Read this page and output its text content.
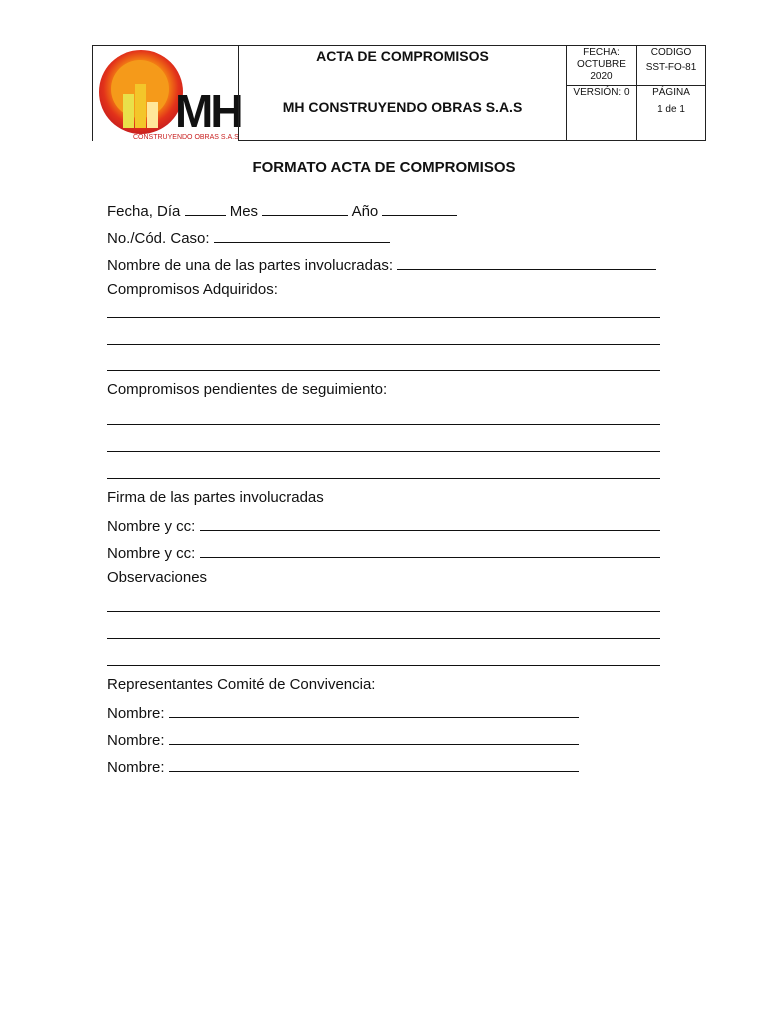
MH
CONSTRUYENDO OBRAS S.A.S
ACTA DE COMPROMISOS
MH CONSTRUYENDO OBRAS S.A.S
FECHA:
OCTUBRE
2020
VERSIÓN: 0
CODIGO
SST-FO-81
PÁGINA
1 de 1
FORMATO ACTA DE COMPROMISOS
Fecha, Día	Mes	Año
No./Cód. Caso:
Nombre de una de las partes involucradas:
Compromisos Adquiridos:
Compromisos pendientes de seguimiento:
Firma de las partes involucradas
Nombre y cc:
Nombre y cc:
Observaciones
Representantes Comité de Convivencia:
Nombre:
Nombre:
Nombre:
